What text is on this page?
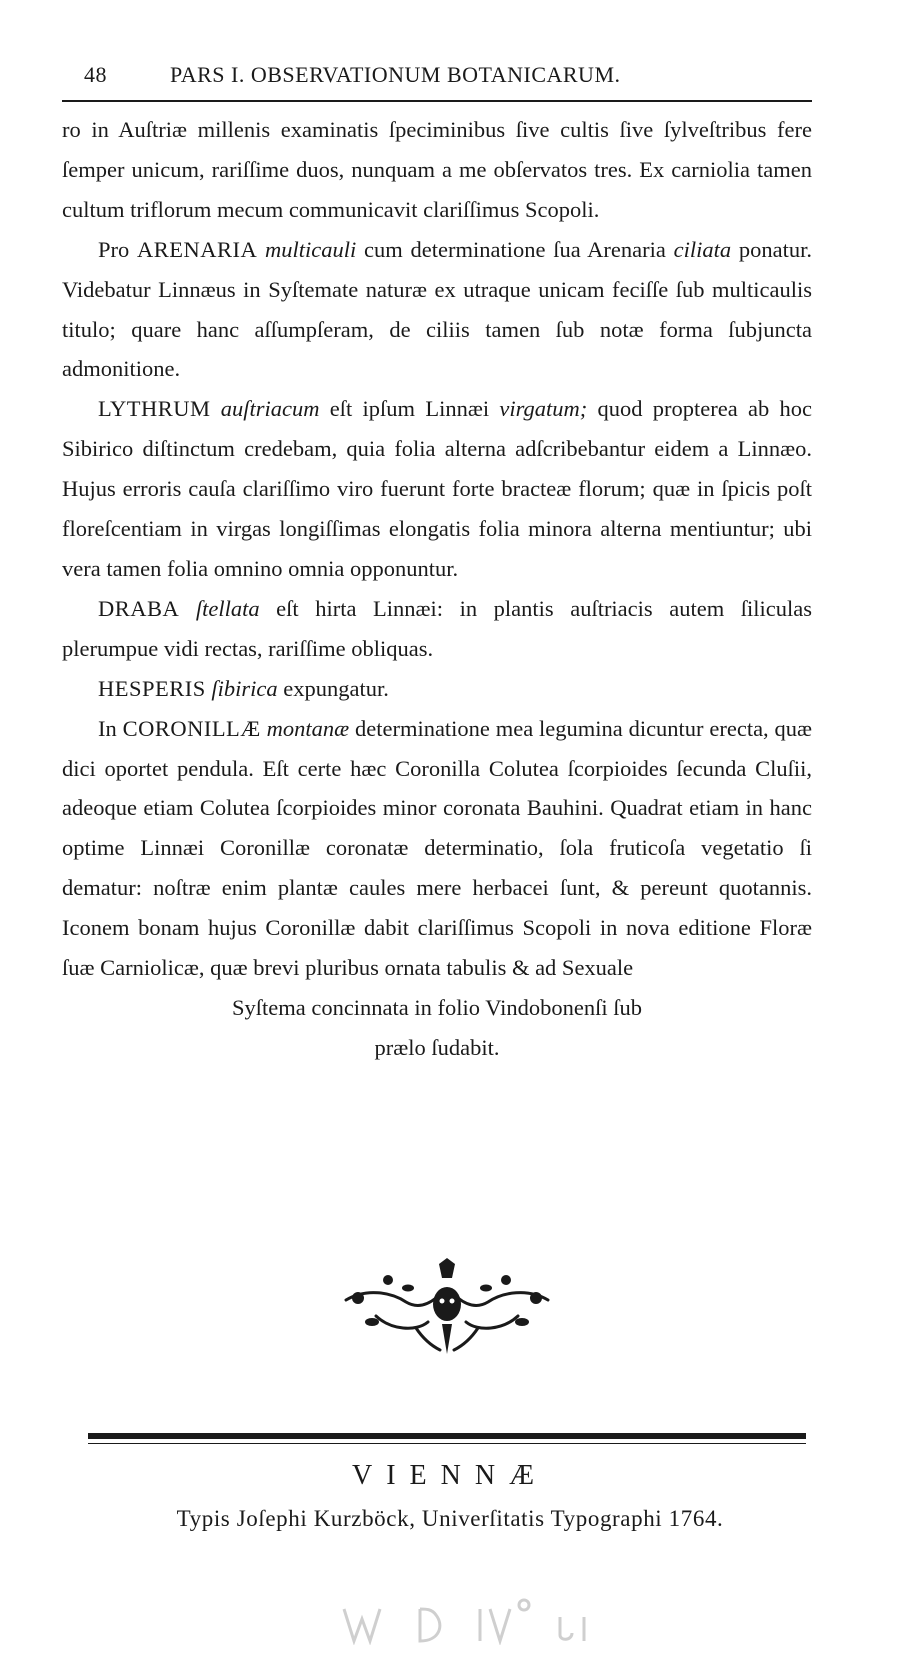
48	PARS I. OBSERVATIONUM BOTANICARUM.

ro in Auſtriæ millenis examinatis ſpeciminibus ſive cultis ſive ſylveſtribus fere ſemper unicum, rariſſime duos, nunquam a me obſervatos tres. Ex carniolia tamen cultum triflorum mecum communicavit clariſſimus Scopoli.

Pro ARENARIA multicauli cum determinatione ſua Arenaria ciliata ponatur. Videbatur Linnæus in Syſtemate naturæ ex utraque unicam feciſſe ſub multicaulis titulo; quare hanc aſſumpſeram, de ciliis tamen ſub notæ forma ſubjuncta admonitione.

LYTHRUM auſtriacum eſt ipſum Linnæi virgatum; quod propterea ab hoc Sibirico diſtinctum credebam, quia folia alterna adſcribebantur eidem a Linnæo. Hujus erroris cauſa clariſſimo viro fuerunt forte bracteæ florum; quæ in ſpicis poſt floreſcentiam in virgas longiſſimas elongatis folia minora alterna mentiuntur; ubi vera tamen folia omnino omnia opponuntur.

DRABA ſtellata eſt hirta Linnæi: in plantis auſtriacis autem ſiliculas plerumpue vidi rectas, rariſſime obliquas.

HESPERIS ſibirica expungatur.

In CORONILLÆ montanæ determinatione mea legumina dicuntur erecta, quæ dici oportet pendula. Eſt certe hæc Coronilla Colutea ſcorpioides ſecunda Cluſii, adeoque etiam Colutea ſcorpioides minor coronata Bauhini. Quadrat etiam in hanc optime Linnæi Coronillæ coronatæ determinatio, ſola fruticoſa vegetatio ſi dematur: noſtræ enim plantæ caules mere herbacei ſunt, & pereunt quotannis. Iconem bonam hujus Coronillæ dabit clariſſimus Scopoli in nova editione Floræ ſuæ Carniolicæ, quæ brevi pluribus ornata tabulis & ad Sexuale

Syſtema concinnata in folio Vindobonenſi ſub
prælo ſudabit.

VIENNÆ
Typis Joſephi Kurzböck, Univerſitatis Typographi 1764.
